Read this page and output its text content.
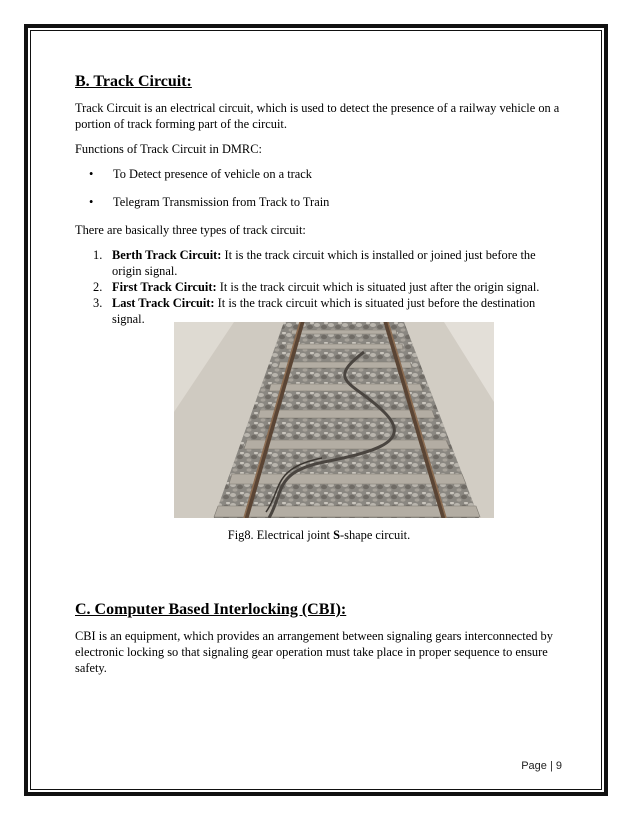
B. Track Circuit:

Track Circuit is an electrical circuit, which is used to detect the presence of a railway vehicle on a portion of track forming part of the circuit.

Functions of Track Circuit in DMRC:

• To Detect presence of vehicle on a track
• Telegram Transmission from Track to Train

There are basically three types of track circuit:

1. Berth Track Circuit: It is the track circuit which is installed or joined just before the origin signal.
2. First Track Circuit: It is the track circuit which is situated just after the origin signal.
3. Last Track Circuit: It is the track circuit which is situated just before the destination signal.
Fig8. Electrical joint S-shape circuit.
C. Computer Based Interlocking (CBI):

CBI is an equipment, which provides an arrangement between signaling gears interconnected by electronic locking so that signaling gear operation must take place in proper sequence to ensure safety.

Page | 9
